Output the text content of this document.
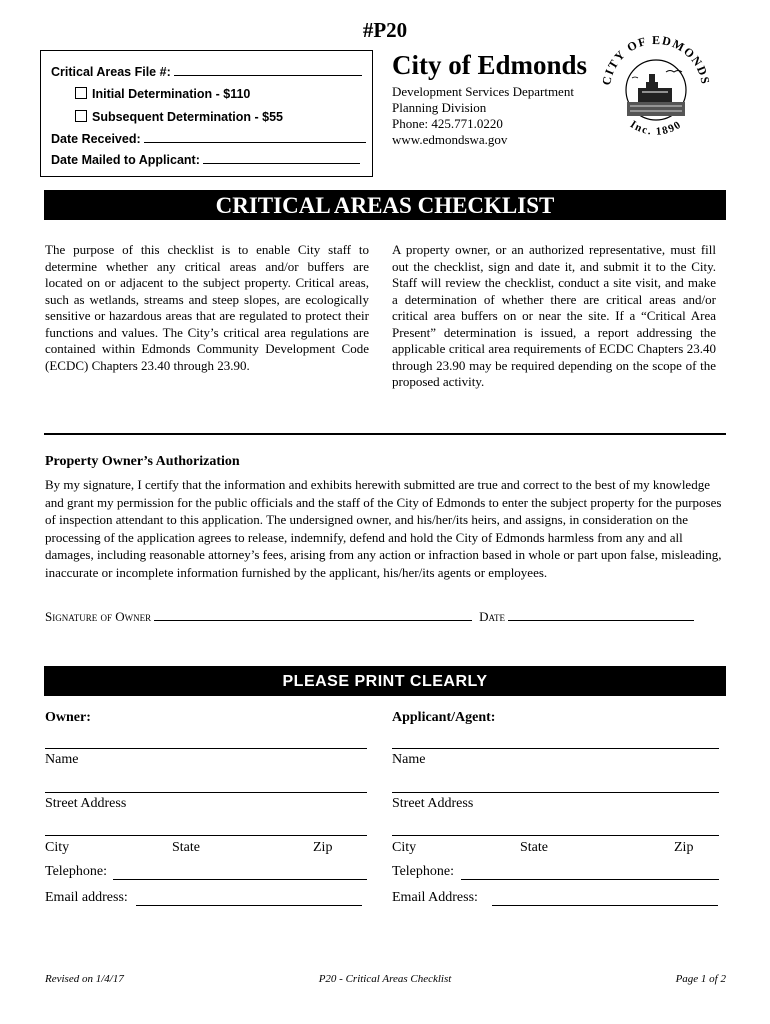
#P20
Critical Areas File #:
Initial Determination - $110
Subsequent Determination - $55
Date Received:
Date Mailed to Applicant:
City of Edmonds
Development Services Department
Planning Division
Phone: 425.771.0220
www.edmondswa.gov
CITY OF EDMONDS
Inc. 1890
CRITICAL AREAS CHECKLIST
The purpose of this checklist is to enable City staff to determine whether any critical areas and/or buffers are located on or adjacent to the subject property. Critical areas, such as wetlands, streams and steep slopes, are ecologically sensitive or hazardous areas that are regulated to protect their functions and values. The City’s critical area regulations are contained within Edmonds Community Development Code (ECDC) Chapters 23.40 through 23.90.
A property owner, or an authorized representative, must fill out the checklist, sign and date it, and submit it to the City. Staff will review the checklist, conduct a site visit, and make a determination of whether there are critical areas and/or critical area buffers on or near the site. If a “Critical Area Present” determination is issued, a report addressing the applicable critical area requirements of ECDC Chapters 23.40 through 23.90 may be required depending on the scope of the proposed activity.
Property Owner’s Authorization
By my signature, I certify that the information and exhibits herewith submitted are true and correct to the best of my knowledge and grant my permission for the public officials and the staff of the City of Edmonds to enter the subject property for the purposes of inspection attendant to this application. The undersigned owner, and his/her/its heirs, and assigns, in consideration on the processing of the application agrees to release, indemnify, defend and hold the City of Edmonds harmless from any and all damages, including reasonable attorney’s fees, arising from any action or infraction based in whole or part upon false, misleading, inaccurate or incomplete information furnished by the applicant, his/her/its agents or employees.
Signature of Owner	Date
PLEASE PRINT CLEARLY
Owner:
Name
Street Address
City	State	Zip
Telephone:
Email address:
Applicant/Agent:
Name
Street Address
City	State	Zip
Telephone:
Email Address:
Revised on 1/4/17	P20 - Critical Areas Checklist	Page 1 of 2
